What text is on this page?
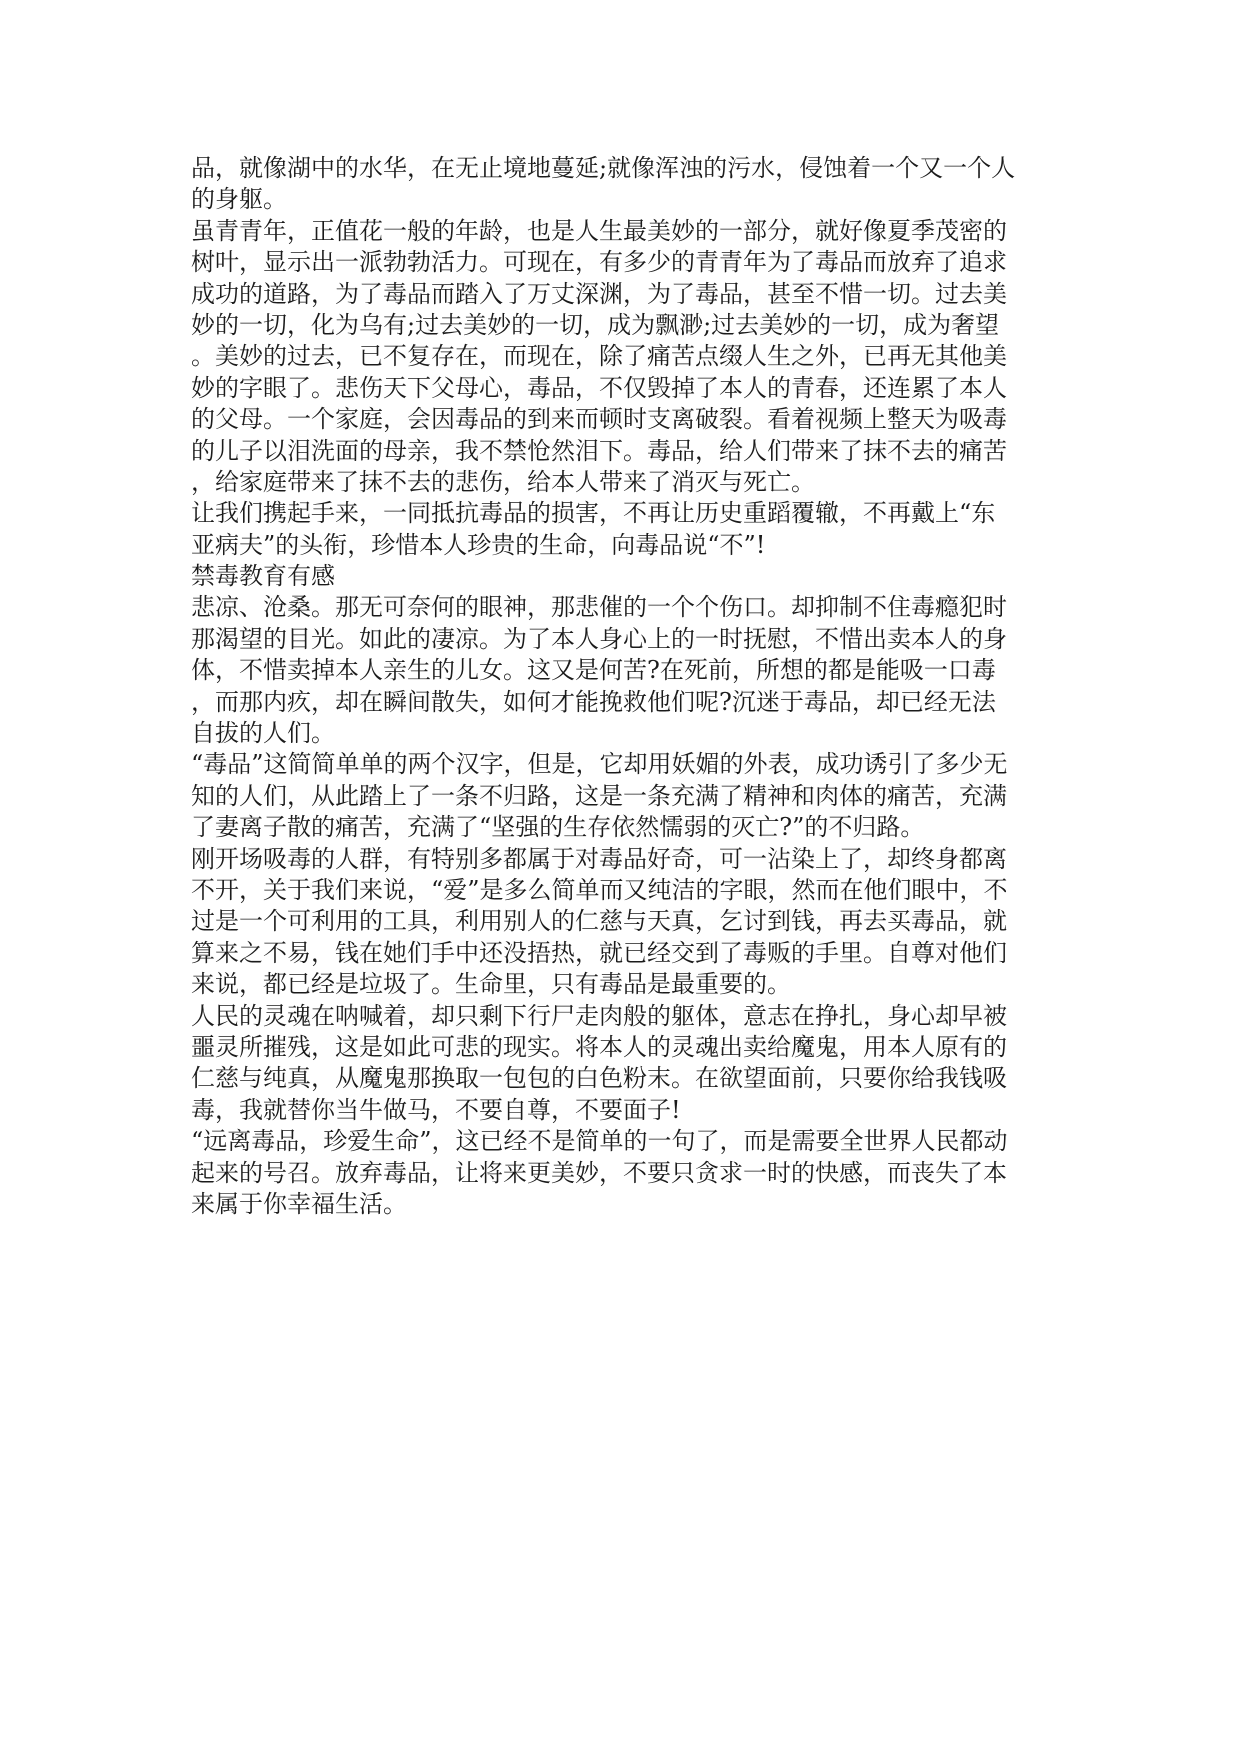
品，就像湖中的水华，在无止境地蔓延;就像浑浊的污水，侵蚀着一个又一个人
的身躯。
虽青青年，正值花一般的年龄，也是人生最美妙的一部分，就好像夏季茂密的
树叶，显示出一派勃勃活力。可现在，有多少的青青年为了毒品而放弃了追求
成功的道路，为了毒品而踏入了万丈深渊，为了毒品，甚至不惜一切。过去美
妙的一切，化为乌有;过去美妙的一切，成为飘渺;过去美妙的一切，成为奢望
。美妙的过去，已不复存在，而现在，除了痛苦点缀人生之外，已再无其他美
妙的字眼了。悲伤天下父母心，毒品，不仅毁掉了本人的青春，还连累了本人
的父母。一个家庭，会因毒品的到来而顿时支离破裂。看着视频上整天为吸毒
的儿子以泪洗面的母亲，我不禁怆然泪下。毒品，给人们带来了抹不去的痛苦
，给家庭带来了抹不去的悲伤，给本人带来了消灭与死亡。
让我们携起手来，一同抵抗毒品的损害，不再让历史重蹈覆辙，不再戴上“东
亚病夫”的头衔，珍惜本人珍贵的生命，向毒品说“不”!
禁毒教育有感
悲凉、沧桑。那无可奈何的眼神，那悲催的一个个伤口。却抑制不住毒瘾犯时
那渴望的目光。如此的凄凉。为了本人身心上的一时抚慰，不惜出卖本人的身
体，不惜卖掉本人亲生的儿女。这又是何苦?在死前，所想的都是能吸一口毒
，而那内疚，却在瞬间散失，如何才能挽救他们呢?沉迷于毒品，却已经无法
自拔的人们。
“毒品”这简简单单的两个汉字，但是，它却用妖媚的外表，成功诱引了多少无
知的人们，从此踏上了一条不归路，这是一条充满了精神和肉体的痛苦，充满
了妻离子散的痛苦，充满了“坚强的生存依然懦弱的灭亡?”的不归路。
刚开场吸毒的人群，有特别多都属于对毒品好奇，可一沾染上了，却终身都离
不开，关于我们来说，“爱”是多么简单而又纯洁的字眼，然而在他们眼中，不
过是一个可利用的工具，利用别人的仁慈与天真，乞讨到钱，再去买毒品，就
算来之不易，钱在她们手中还没捂热，就已经交到了毒贩的手里。自尊对他们
来说，都已经是垃圾了。生命里，只有毒品是最重要的。
人民的灵魂在呐喊着，却只剩下行尸走肉般的躯体，意志在挣扎，身心却早被
噩灵所摧残，这是如此可悲的现实。将本人的灵魂出卖给魔鬼，用本人原有的
仁慈与纯真，从魔鬼那换取一包包的白色粉末。在欲望面前，只要你给我钱吸
毒，我就替你当牛做马，不要自尊，不要面子!
“远离毒品，珍爱生命”，这已经不是简单的一句了，而是需要全世界人民都动
起来的号召。放弃毒品，让将来更美妙，不要只贪求一时的快感，而丧失了本
来属于你幸福生活。
